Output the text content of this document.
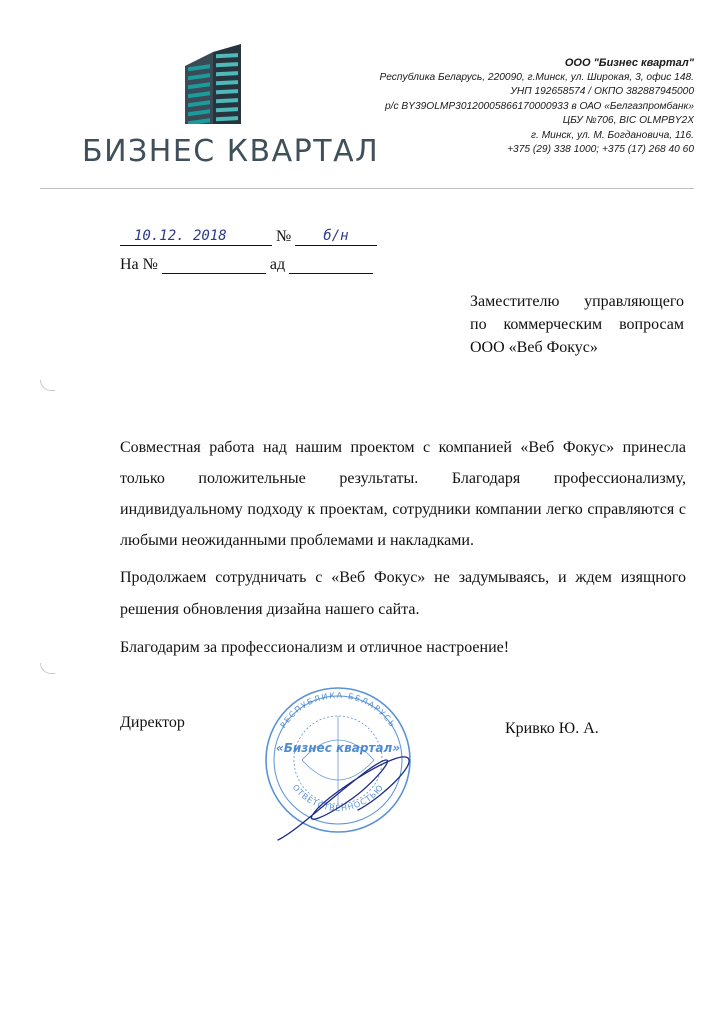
БИЗНЕС КВАРТАЛ
ООО "Бизнес квартал"
Республика Беларусь, 220090, г.Минск, ул. Широкая, 3, офис 148.
УНП 192658574 / ОКПО 382887945000
р/с BY39OLMP30120005866170000933 в ОАО «Белгазпромбанк»
ЦБУ №706, BIC OLMPBY2X
г. Минск, ул. М. Богдановича, 116.
+375 (29) 338 1000; +375 (17) 268 40 60
10.12. 2018	№ б/н
На №	ад
Заместителю управляющего
по коммерческим вопросам
ООО «Веб Фокус»

Совместная работа над нашим проектом с компанией «Веб Фокус» принесла только положительные результаты. Благодаря профессионализму, индивидуальному подходу к проектам, сотрудники компании легко справляются с любыми неожиданными проблемами и накладками.

Продолжаем сотрудничать с «Веб Фокус» не задумываясь, и ждем изящного решения обновления дизайна нашего сайта.

Благодарим за профессионализм и отличное настроение!

Директор	Кривко Ю. А.
РЕСПУБЛИКА БЕЛАРУСЬ
ОТВЕТСТВЕННОСТЬЮ
«Бизнес квартал»
